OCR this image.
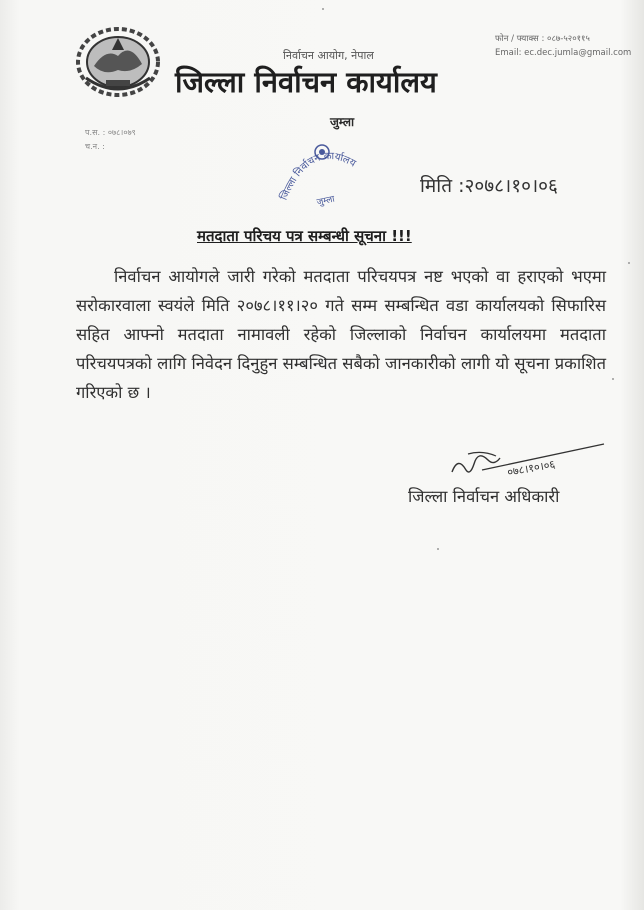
निर्वाचन आयोग, नेपाल
फोन / फ्याक्स : ०८७-५२०११५
Email: ec.dec.jumla@gmail.com
जिल्ला निर्वाचन कार्यालय
जुम्ला
प.स. : ०७८।०७९
च.न. :
जिल्ला निर्वाचन कार्यालय
जुम्ला
मिति :२०७८।१०।०६
मतदाता परिचय पत्र सम्बन्धी सूचना !!!
निर्वाचन आयोगले जारी गरेको मतदाता परिचयपत्र नष्ट भएको वा हराएको भएमा सरोकारवाला स्वयंले मिति २०७८।११।२० गते सम्म सम्बन्धित वडा कार्यालयको सिफारिस सहित आफ्नो मतदाता नामावली रहेको जिल्लाको निर्वाचन कार्यालयमा मतदाता परिचयपत्रको लागि निवेदन दिनुहुन सम्बन्धित सबैको जानकारीको लागी यो सूचना प्रकाशित गरिएको छ ।
०७८।१०।०६
जिल्ला निर्वाचन अधिकारी
